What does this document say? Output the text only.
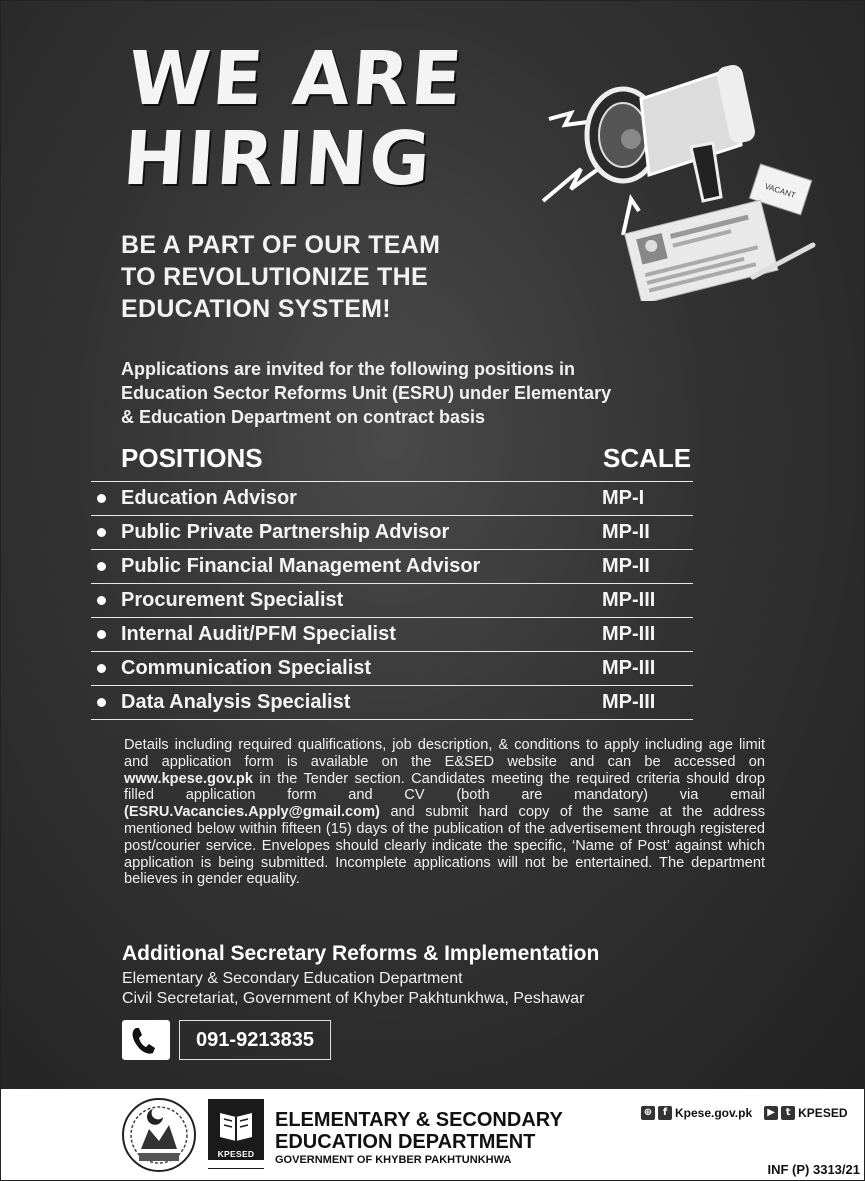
WE ARE
HIRING	VACANT
BE A PART OF OUR TEAM
TO REVOLUTIONIZE THE
EDUCATION SYSTEM!
Applications are invited for the following positions in
Education Sector Reforms Unit (ESRU) under Elementary
& Education Department on contract basis
POSITIONS	SCALE
Education Advisor	MP-I
Public Private Partnership Advisor	MP-II
Public Financial Management Advisor	MP-II
Procurement Specialist	MP-III
Internal Audit/PFM Specialist	MP-III
Communication Specialist	MP-III
Data Analysis Specialist	MP-III
Details including required qualifications, job description, & conditions to apply including age limit and application form is available on the E&SED website and can be accessed on www.kpese.gov.pk in the Tender section. Candidates meeting the required criteria should drop filled application form and CV (both are mandatory) via email (ESRU.Vacancies.Apply@gmail.com) and submit hard copy of the same at the address mentioned below within fifteen (15) days of the publication of the advertisement through registered post/courier service. Envelopes should clearly indicate the specific, ‘Name of Post’ against which application is being submitted. Incomplete applications will not be entertained. The department believes in gender equality.
Additional Secretary Reforms & Implementation
Elementary & Secondary Education Department
Civil Secretariat, Government of Khyber Pakhtunkhwa, Peshawar
091-9213835
KPESED
ELEMENTARY & SECONDARY
EDUCATION DEPARTMENT
GOVERNMENT OF KHYBER PAKHTUNKHWA
⊕	f Kpese.gov.pk	▶	t KPESED
INF (P) 3313/21
